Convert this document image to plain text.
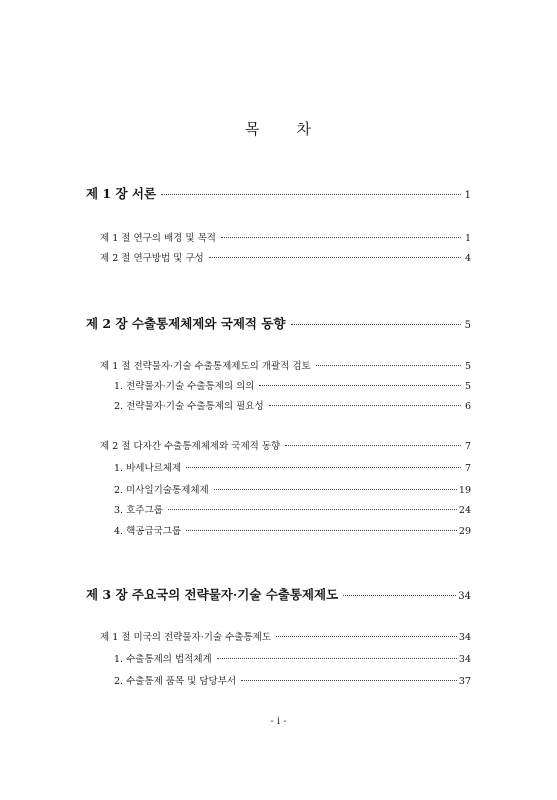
목 차
제 1 장 서론	1
제 1 절 연구의 배경 및 목적	1
제 2 절 연구방법 및 구성	4
제 2 장 수출통제체제와 국제적 동향	5
제 1 절 전략물자·기술 수출통제제도의 개괄적 검토	5
1. 전략물자·기술 수출통제의 의의	5
2. 전략물자·기술 수출통제의 필요성	6
제 2 절 다자간 수출통제체제와 국제적 동향	7
1. 바세나르체제	7
2. 미사일기술통제체제	19
3. 호주그룹	24
4. 핵공급국그룹	29
제 3 장 주요국의 전략물자·기술 수출통제제도	34
제 1 절 미국의 전략물자·기술 수출통제도	34
1. 수출통제의 법적체계	34
2. 수출통제 품목 및 담당부서	37
- i -
